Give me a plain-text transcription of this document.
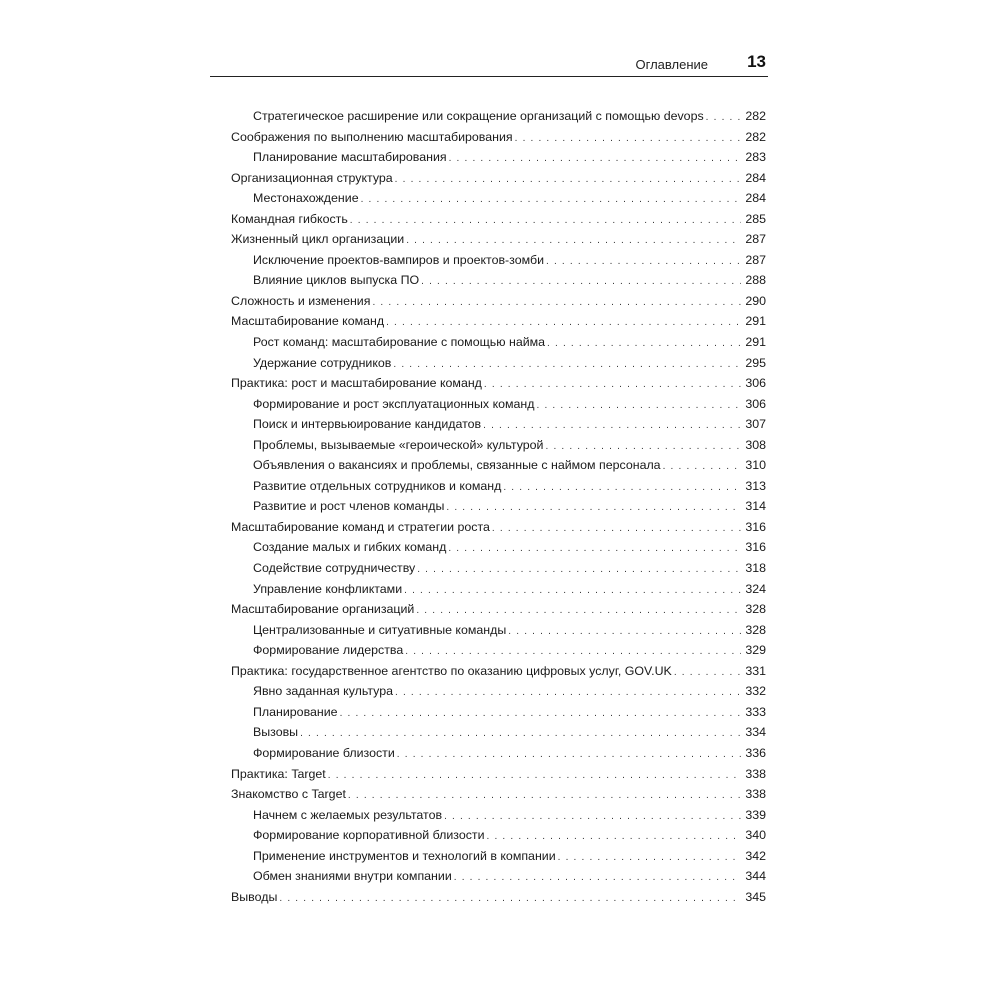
Оглавление 13
Стратегическое расширение или сокращение организаций с помощью devops . . .	282
Соображения по выполнению масштабирования . . .	282
Планирование масштабирования . . .	283
Организационная структура . . .	284
Местонахождение . . .	284
Командная гибкость . . .	285
Жизненный цикл организации . . .	287
Исключение проектов-вампиров и проектов-зомби . . .	287
Влияние циклов выпуска ПО . . .	288
Сложность и изменения . . .	290
Масштабирование команд . . .	291
Рост команд: масштабирование с помощью найма . . .	291
Удержание сотрудников . . .	295
Практика: рост и масштабирование команд . . .	306
Формирование и рост эксплуатационных команд . . .	306
Поиск и интервьюирование кандидатов . . .	307
Проблемы, вызываемые «героической» культурой . . .	308
Объявления о вакансиях и проблемы, связанные с наймом персонала . . .	310
Развитие отдельных сотрудников и команд . . .	313
Развитие и рост членов команды . . .	314
Масштабирование команд и стратегии роста . . .	316
Создание малых и гибких команд . . .	316
Содействие сотрудничеству . . .	318
Управление конфликтами . . .	324
Масштабирование организаций . . .	328
Централизованные и ситуативные команды . . .	328
Формирование лидерства . . .	329
Практика: государственное агентство по оказанию цифровых услуг, GOV.UK . . .	331
Явно заданная культура . . .	332
Планирование . . .	333
Вызовы . . .	334
Формирование близости . . .	336
Практика: Target . . .	338
Знакомство с Target . . .	338
Начнем с желаемых результатов . . .	339
Формирование корпоративной близости . . .	340
Применение инструментов и технологий в компании . . .	342
Обмен знаниями внутри компании . . .	344
Выводы . . .	345
